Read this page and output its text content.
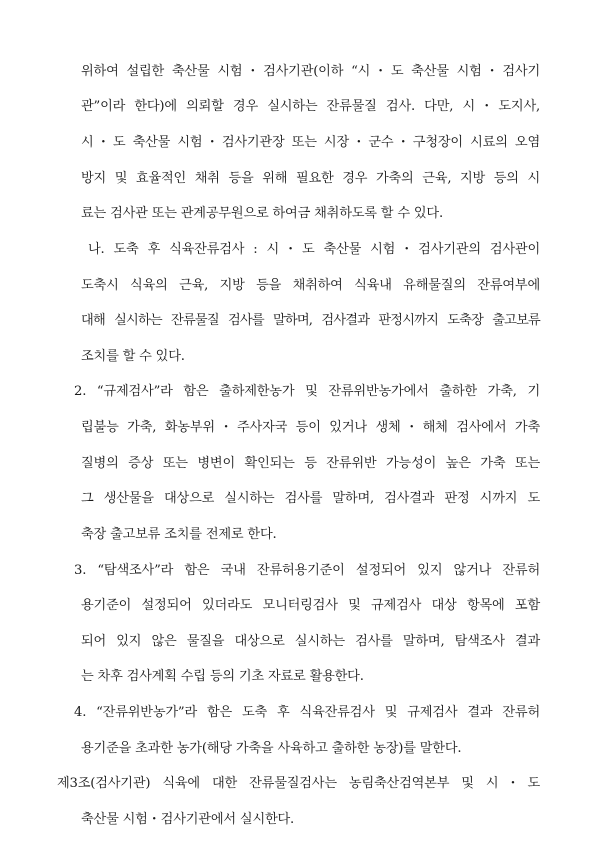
위하여 설립한 축산물 시험・검사기관(이하 “시・도 축산물 시험・검사기
관”이라 한다)에 의뢰할 경우 실시하는 잔류물질 검사. 다만, 시・도지사,
시・도 축산물 시험・검사기관장 또는 시장・군수・구청장이 시료의 오염
방지 및 효율적인 채취 등을 위해 필요한 경우 가축의 근육, 지방 등의 시
료는 검사관 또는 관계공무원으로 하여금 채취하도록 할 수 있다.
나. 도축 후 식육잔류검사 : 시・도 축산물 시험・검사기관의 검사관이
도축시 식육의 근육, 지방 등을 채취하여 식육내 유해물질의 잔류여부에
대해 실시하는 잔류물질 검사를 말하며, 검사결과 판정시까지 도축장 출고보류
조치를 할 수 있다.
2. “규제검사”라 함은 출하제한농가 및 잔류위반농가에서 출하한 가축, 기
립불능 가축, 화농부위・주사자국 등이 있거나 생체・해체 검사에서 가축
질병의 증상 또는 병변이 확인되는 등 잔류위반 가능성이 높은 가축 또는
그 생산물을 대상으로 실시하는 검사를 말하며, 검사결과 판정 시까지 도
축장 출고보류 조치를 전제로 한다.
3. “탐색조사”라 함은 국내 잔류허용기준이 설정되어 있지 않거나 잔류허
용기준이 설정되어 있더라도 모니터링검사 및 규제검사 대상 항목에 포함
되어 있지 않은 물질을 대상으로 실시하는 검사를 말하며, 탐색조사 결과
는 차후 검사계획 수립 등의 기초 자료로 활용한다.
4. “잔류위반농가”라 함은 도축 후 식육잔류검사 및 규제검사 결과 잔류허
용기준을 초과한 농가(해당 가축을 사육하고 출하한 농장)를 말한다.
제3조(검사기관) 식육에 대한 잔류물질검사는 농림축산검역본부 및 시・도
축산물 시험・검사기관에서 실시한다.
